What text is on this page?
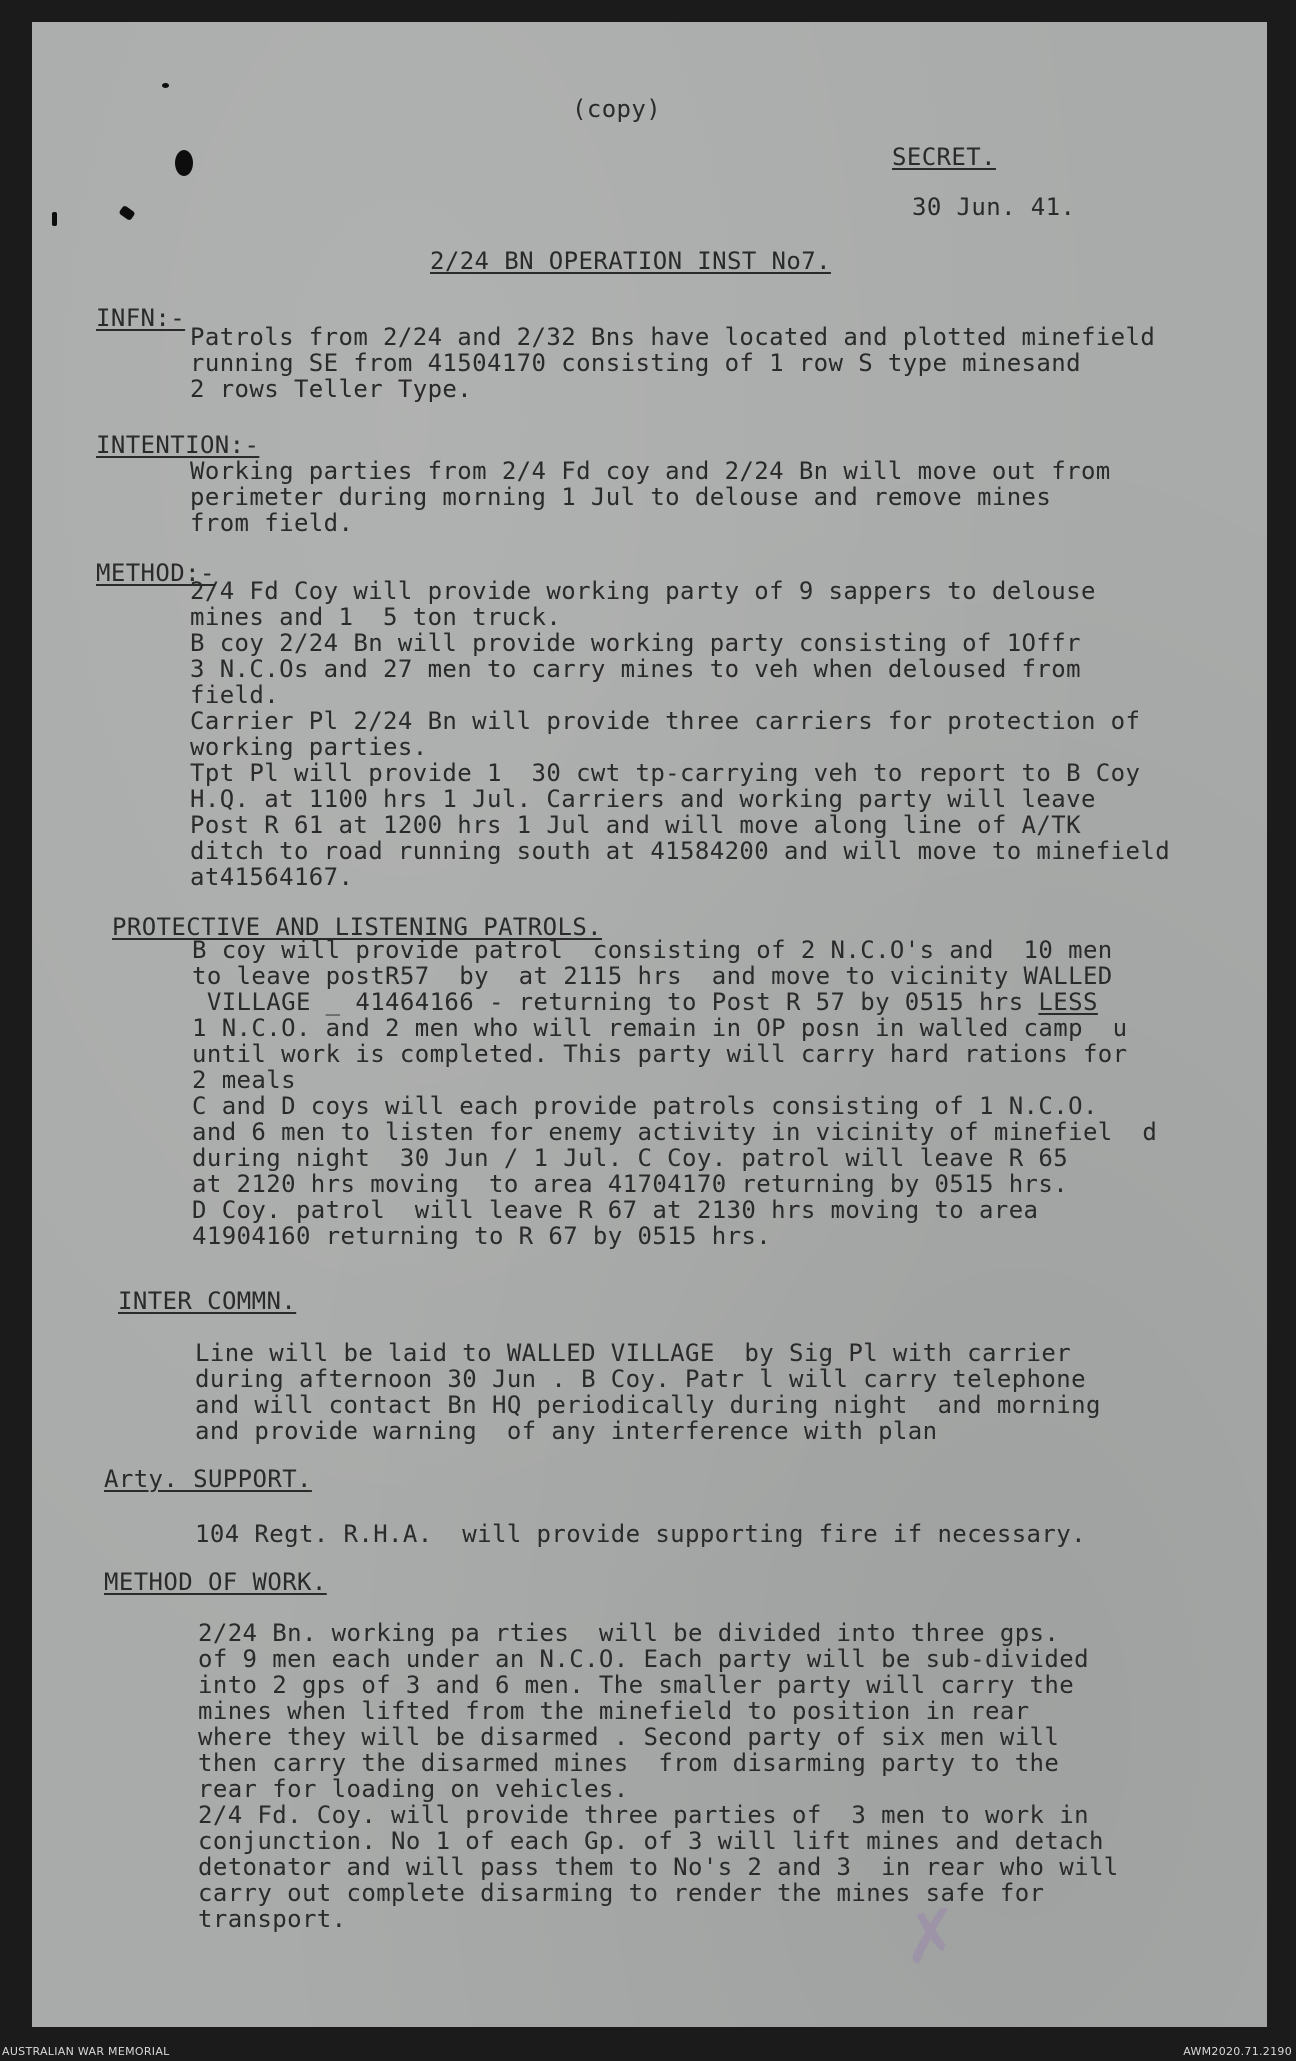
(copy)
SECRET.
30 Jun. 41.
2/24 BN OPERATION INST No7.
INFN:-
Patrols from 2/24 and 2/32 Bns have located and plotted minefield
running SE from 41504170 consisting of 1 row S type minesand
2 rows Teller Type.
INTENTION:-
Working parties from 2/4 Fd coy and 2/24 Bn will move out from
perimeter during morning 1 Jul to delouse and remove mines
from field.
METHOD:-
2/4 Fd Coy will provide working party of 9 sappers to delouse
mines and 1  5 ton truck.
B coy 2/24 Bn will provide working party consisting of 1Offr
3 N.C.Os and 27 men to carry mines to veh when deloused from
field.
Carrier Pl 2/24 Bn will provide three carriers for protection of
working parties.
Tpt Pl will provide 1  30 cwt tp-carrying veh to report to B Coy
H.Q. at 1100 hrs 1 Jul. Carriers and working party will leave
Post R 61 at 1200 hrs 1 Jul and will move along line of A/TK
ditch to road running south at 41584200 and will move to minefield
at41564167.
PROTECTIVE AND LISTENING PATROLS.
B coy will provide patrol  consisting of 2 N.C.O's and  10 men
to leave postR57  by  at 2115 hrs  and move to vicinity WALLED
VILLAGE _ 41464166 - returning to Post R 57 by 0515 hrs LESS
1 N.C.O. and 2 men who will remain in OP posn in walled camp  u
until work is completed. This party will carry hard rations for
2 meals
C and D coys will each provide patrols consisting of 1 N.C.O.
and 6 men to listen for enemy activity in vicinity of minefiel  d
during night  30 Jun / 1 Jul. C Coy. patrol will leave R 65
at 2120 hrs moving  to area 41704170 returning by 0515 hrs.
D Coy. patrol  will leave R 67 at 2130 hrs moving to area
41904160 returning to R 67 by 0515 hrs.
INTER COMMN.
Line will be laid to WALLED VILLAGE  by Sig Pl with carrier
during afternoon 30 Jun . B Coy. Patr l will carry telephone
and will contact Bn HQ periodically during night  and morning
and provide warning  of any interference with plan
Arty. SUPPORT.
104 Regt. R.H.A.  will provide supporting fire if necessary.
METHOD OF WORK.
2/24 Bn. working pa rties  will be divided into three gps.
of 9 men each under an N.C.O. Each party will be sub-divided
into 2 gps of 3 and 6 men. The smaller party will carry the
mines when lifted from the minefield to position in rear
where they will be disarmed . Second party of six men will
then carry the disarmed mines  from disarming party to the
rear for loading on vehicles.
2/4 Fd. Coy. will provide three parties of  3 men to work in
conjunction. No 1 of each Gp. of 3 will lift mines and detach
detonator and will pass them to No's 2 and 3  in rear who will
carry out complete disarming to render the mines safe for
transport.	✗
AUSTRALIAN WAR MEMORIAL	AWM2020.71.2190
